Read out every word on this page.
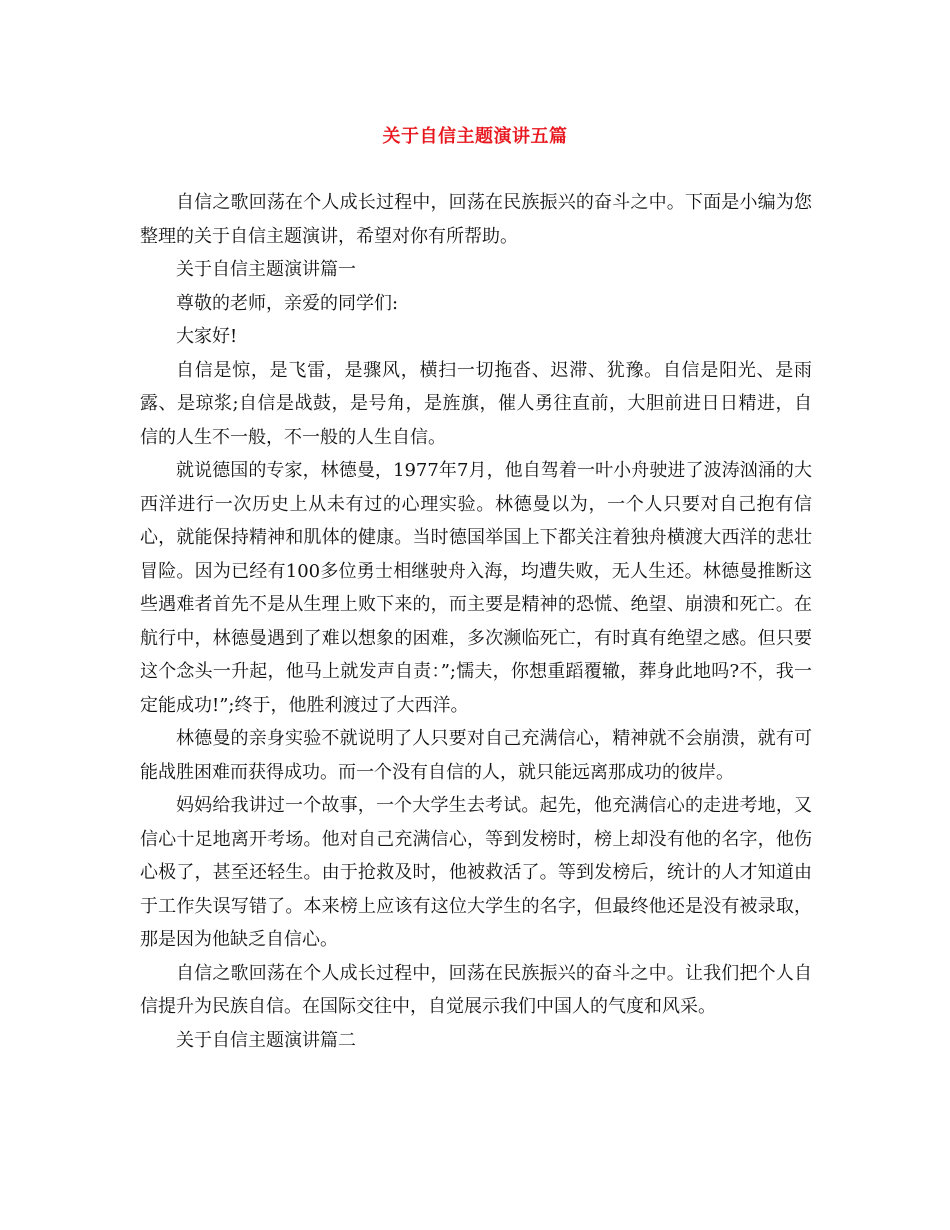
关于自信主题演讲五篇

自信之歌回荡在个人成长过程中，回荡在民族振兴的奋斗之中。下面是小编为您整理的关于自信主题演讲，希望对你有所帮助。

关于自信主题演讲篇一

尊敬的老师，亲爱的同学们:

大家好!

自信是惊，是飞雷，是骤风，横扫一切拖沓、迟滞、犹豫。自信是阳光、是雨露、是琼浆;自信是战鼓，是号角，是旌旗，催人勇往直前，大胆前进日日精进，自信的人生不一般，不一般的人生自信。

就说德国的专家，林德曼，1977年7月，他自驾着一叶小舟驶进了波涛汹涌的大西洋进行一次历史上从未有过的心理实验。林德曼以为，一个人只要对自己抱有信心，就能保持精神和肌体的健康。当时德国举国上下都关注着独舟横渡大西洋的悲壮冒险。因为已经有100多位勇士相继驶舟入海，均遭失败，无人生还。林德曼推断这些遇难者首先不是从生理上败下来的，而主要是精神的恐慌、绝望、崩溃和死亡。在航行中，林德曼遇到了难以想象的困难，多次濒临死亡，有时真有绝望之感。但只要这个念头一升起，他马上就发声自责：”;懦夫，你想重蹈覆辙，葬身此地吗?不，我一定能成功!”;终于，他胜利渡过了大西洋。

林德曼的亲身实验不就说明了人只要对自己充满信心，精神就不会崩溃，就有可能战胜困难而获得成功。而一个没有自信的人，就只能远离那成功的彼岸。

妈妈给我讲过一个故事，一个大学生去考试。起先，他充满信心的走进考地，又信心十足地离开考场。他对自己充满信心，等到发榜时，榜上却没有他的名字，他伤心极了，甚至还轻生。由于抢救及时，他被救活了。等到发榜后，统计的人才知道由于工作失误写错了。本来榜上应该有这位大学生的名字，但最终他还是没有被录取，那是因为他缺乏自信心。

自信之歌回荡在个人成长过程中，回荡在民族振兴的奋斗之中。让我们把个人自信提升为民族自信。在国际交往中，自觉展示我们中国人的气度和风采。

关于自信主题演讲篇二
